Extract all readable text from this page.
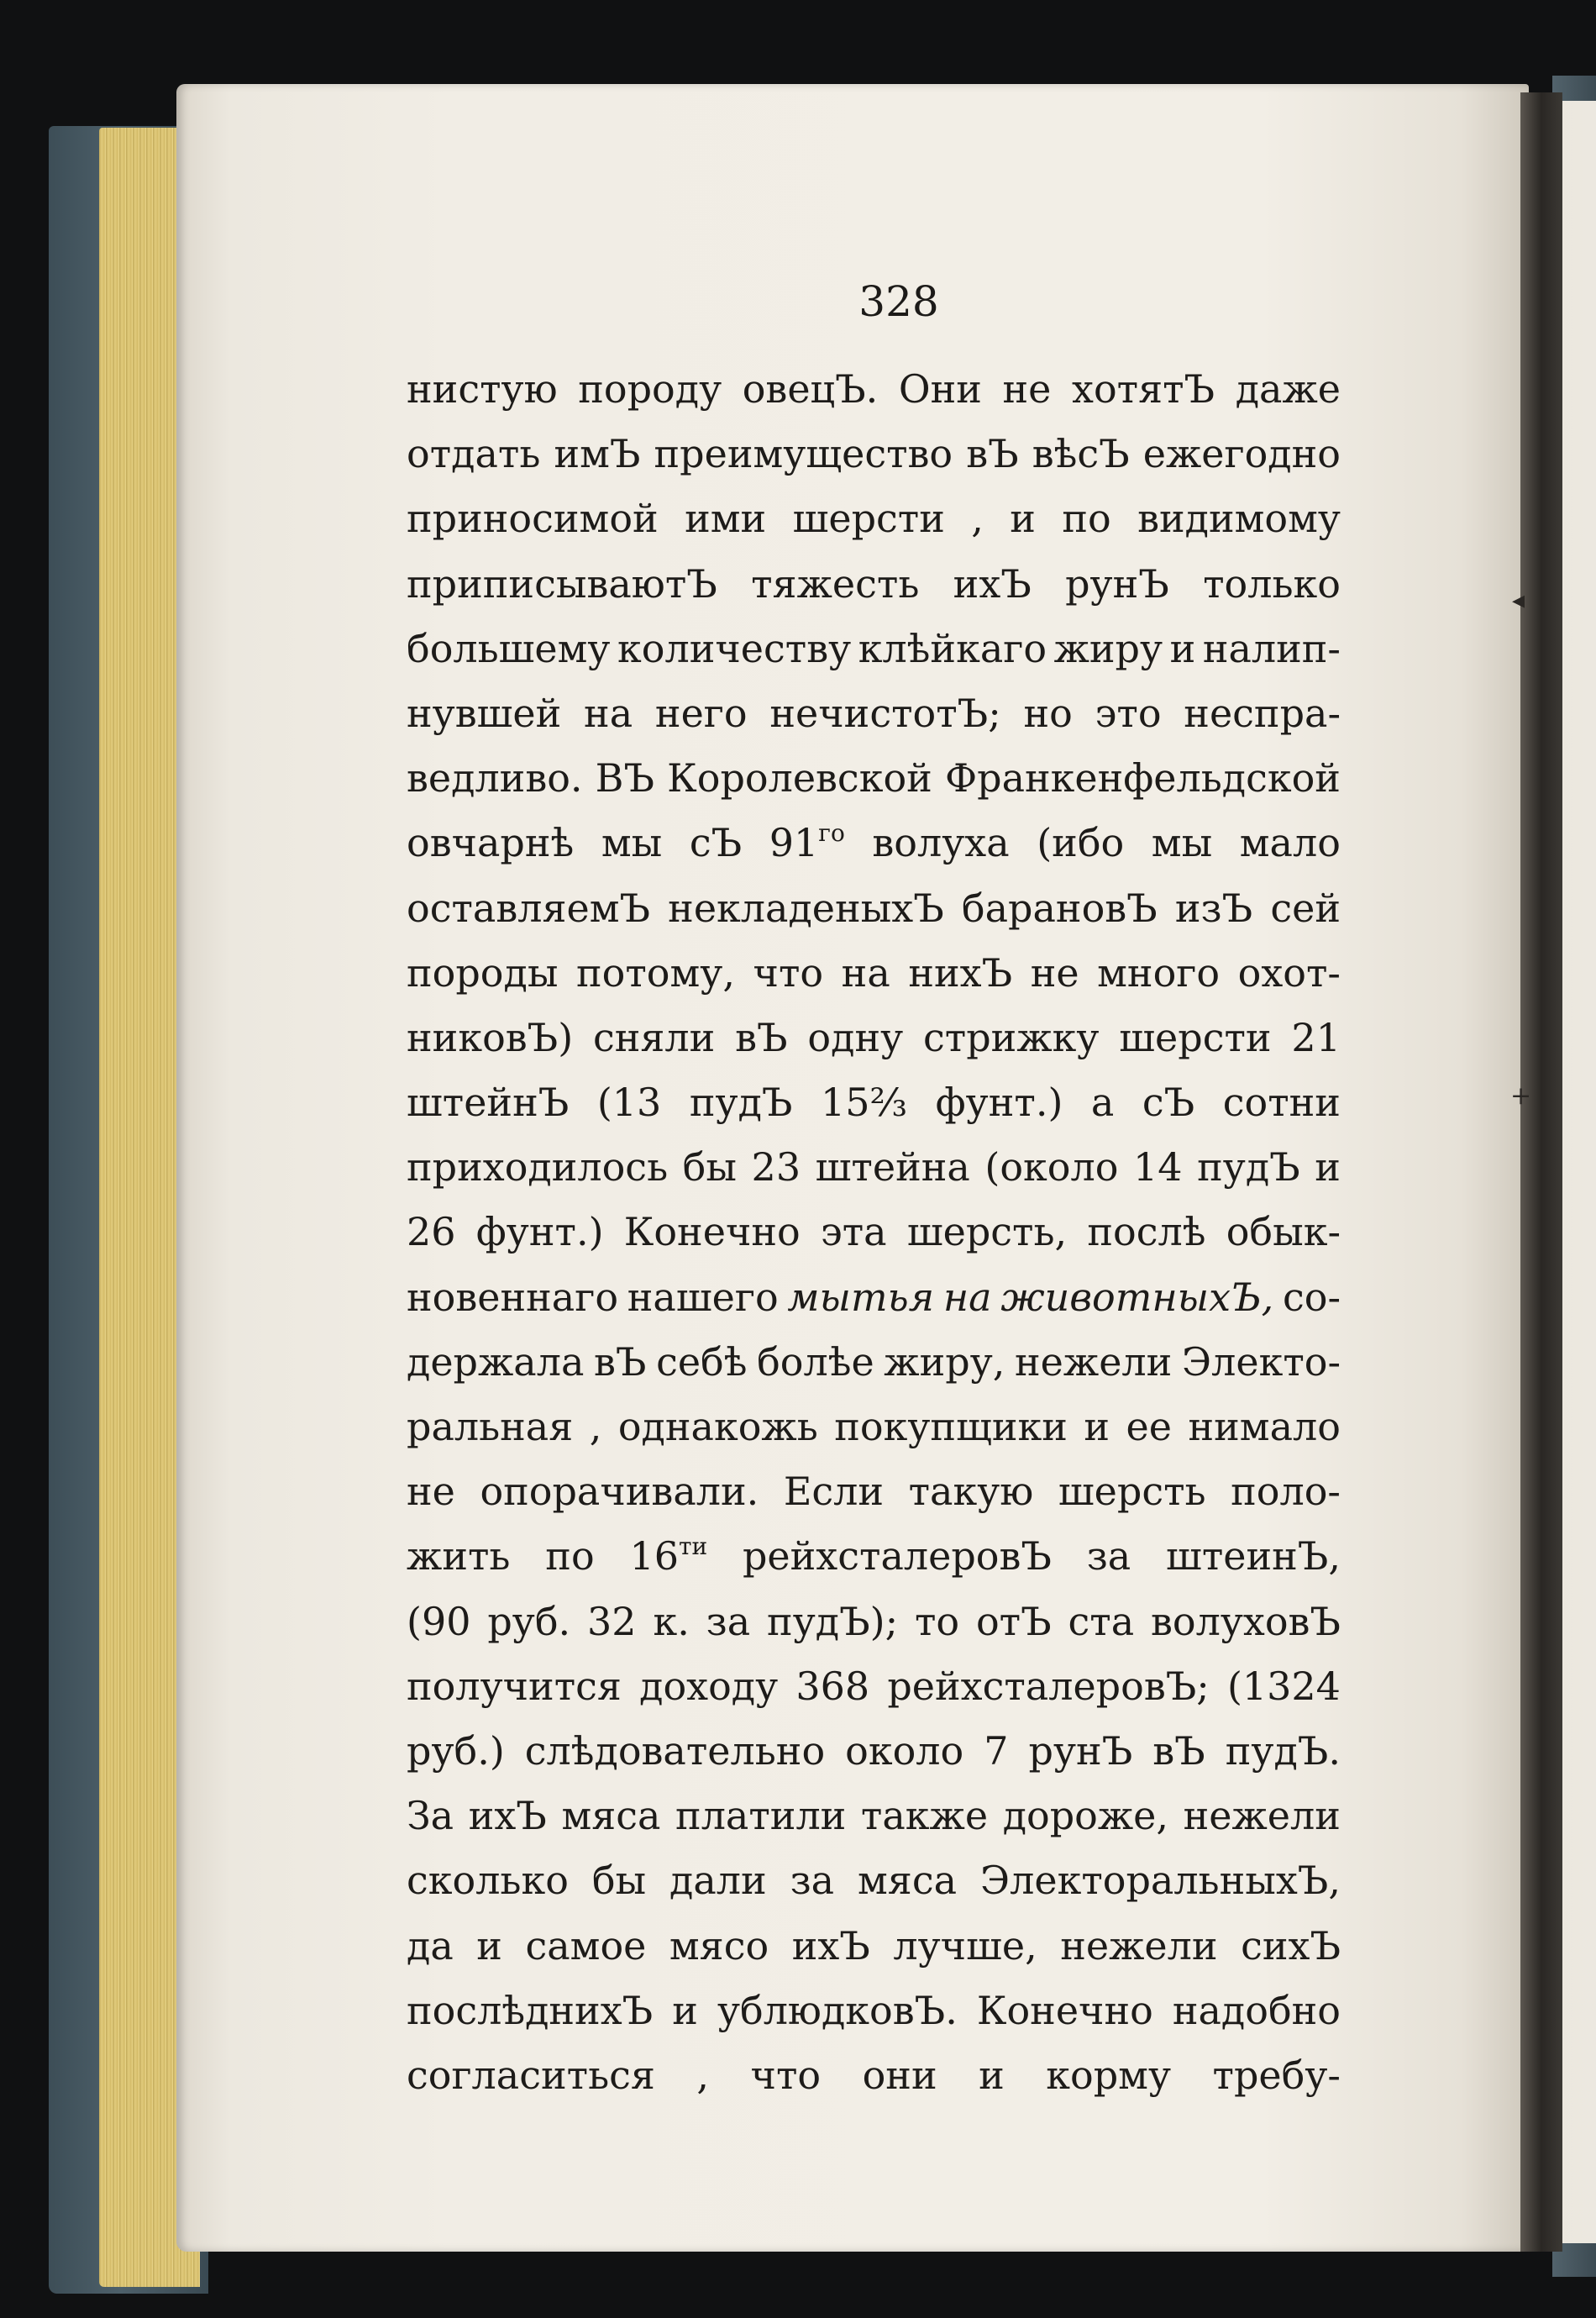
◂
+
328
нистую породу овецЪ. Они не хотятЪ даже
отдать имЪ преимущество вЪ вѣсЪ ежегодно
приносимой ими шерсти , и по видимому
приписываютЪ тяжесть ихЪ рунЪ только
большему количеству клѣйкаго жиру и налип-
нувшей на него нечистотЪ; но это неспра-
ведливо. ВЪ Королевской Франкенфельдской
овчарнѣ мы сЪ $91^{го}$ волуха (ибо мы мало
оставляемЪ некладеныхЪ барановЪ изЪ сей
породы потому, что на нихЪ не много охот-
никовЪ) сняли вЪ одну стрижку шерсти 21
штейнЪ (13 пудЪ 15⅔ фунт.) а сЪ сотни
приходилось бы 23 штейна (около 14 пудЪ и
26 фунт.) Конечно эта шерсть, послѣ обык-
новеннаго нашего мытья на животныхЪ, со-
держала вЪ себѣ болѣе жиру, нежели Электо-
ральная , однакожь покупщики и ее нимало
не опорачивали. Если такую шерсть поло-
жить по $16^{ти}$ рейхсталеровЪ за штеинЪ,
(90 руб. 32 к. за пудЪ); то отЪ ста волуховЪ
получится доходу 368 рейхсталеровЪ; (1324
руб.) слѣдовательно около 7 рунЪ вЪ пудЪ.
За ихЪ мяса платили также дороже, нежели
сколько бы дали за мяса ЭлекторальныхЪ,
да и самое мясо ихЪ лучше, нежели сихЪ
послѣднихЪ и ублюдковЪ. Конечно надобно
согласиться , что они и корму требу-
